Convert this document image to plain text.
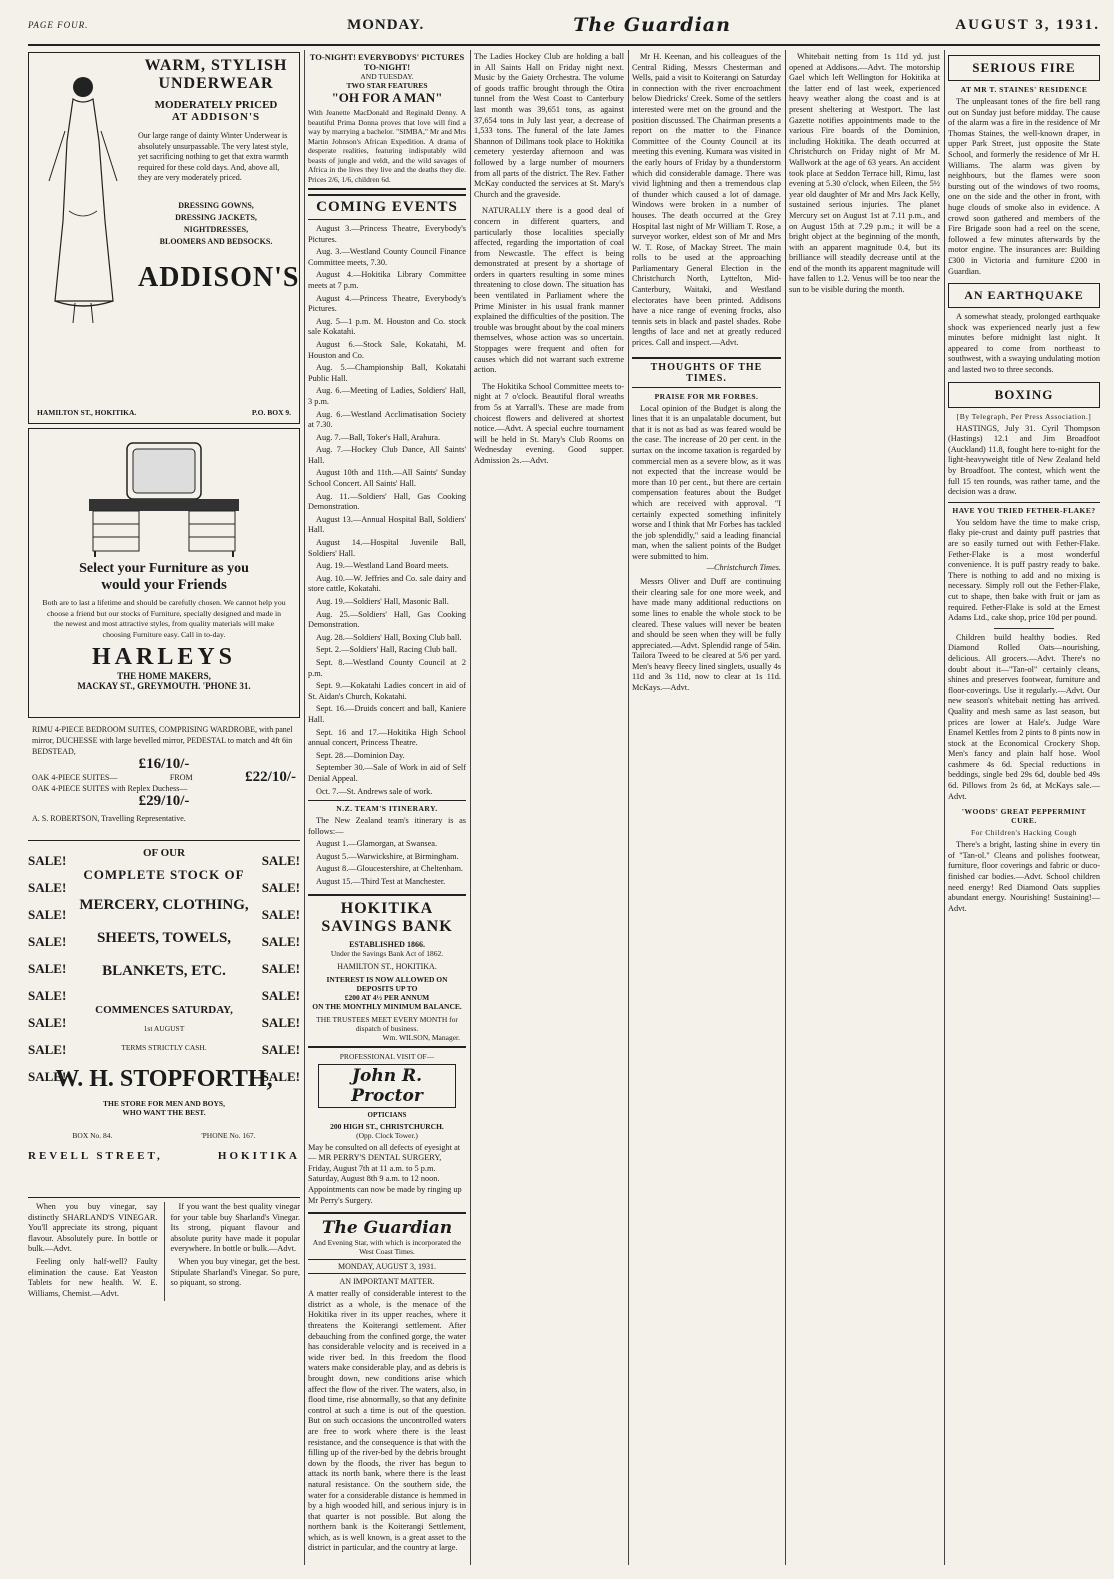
PAGE FOUR.	MONDAY.	The Guardian	AUGUST 3, 1931.
WARM, STYLISH
UNDERWEAR
MODERATELY PRICED
AT ADDISON'S
Our large range of dainty Winter Underwear is absolutely unsurpassable. The very latest style, yet sacrificing nothing to get that extra warmth required for these cold days. And, above all, they are very moderately priced.
DRESSING GOWNS,
DRESSING JACKETS,
NIGHTDRESSES,
BLOOMERS AND BEDSOCKS.
ADDISON'S
HAMILTON ST., HOKITIKA.	P.O. BOX 9.
Select your Furniture as you
would your Friends
Both are to last a lifetime and should be carefully chosen. We cannot help you choose a friend but our stocks of Furniture, specially designed and made in the newest and most attractive styles, from quality materials will make choosing Furniture easy. Call in to-day.
HARLEYS
THE HOME MAKERS,
MACKAY ST., GREYMOUTH. 'PHONE 31.
RIMU 4-PIECE BEDROOM SUITES, COMPRISING WARDROBE, with panel mirror, DUCHESSE with large bevelled mirror, PEDESTAL to match and 4ft 6in BEDSTEAD,
£16/10/-
OAK 4-PIECE SUITES—	FROM	£22/10/-
OAK 4-PIECE SUITES with Replex Duchess—
£29/10/-
A. S. ROBERTSON, Travelling Representative.
SALE!
SALE!
SALE!
SALE!
SALE!
SALE!
SALE!
SALE!
SALE!
SALE!
SALE!
SALE!
SALE!
SALE!
SALE!
SALE!
SALE!
SALE!
OF OUR
COMPLETE STOCK OF
MERCERY, CLOTHING,
SHEETS, TOWELS,
BLANKETS, ETC.
COMMENCES SATURDAY,
1st AUGUST
TERMS STRICTLY CASH.
W. H. STOPFORTH,
THE STORE FOR MEN AND BOYS,
WHO WANT THE BEST.
BOX No. 84.	'PHONE No. 167.
REVELL STREET,	HOKITIKA

When you buy vinegar, say distinctly SHARLAND'S VINEGAR. You'll appreciate its strong, piquant flavour. Absolutely pure. In bottle or bulk.—Advt.

Feeling only half-well? Faulty elimination the cause. Eat Yeaston Tablets for new health. W. E. Williams, Chemist.—Advt.

If you want the best quality vinegar for your table buy Sharland's Vinegar. Its strong, piquant flavour and absolute purity have made it popular everywhere. In bottle or bulk.—Advt.

When you buy vinegar, get the best. Stipulate Sharland's Vinegar. So pure, so piquant, so strong.

TO-NIGHT! EVERYBODYS' PICTURES TO-NIGHT!
AND TUESDAY.
TWO STAR FEATURES
"OH FOR A MAN"
With Jeanette MacDonald and Reginald Denny. A beautiful Prima Donna proves that love will find a way by marrying a bachelor. "SIMBA," Mr and Mrs Martin Johnson's African Expedition. A drama of desperate realities, featuring indisputably wild beasts of jungle and veldt, and the wild savages of Africa in the lives they live and the deaths they die. Prices 2/6, 1/6, children 6d.
COMING EVENTS

August 3.—Princess Theatre, Everybody's Pictures.

Aug. 3.—Westland County Council Finance Committee meets, 7.30.

August 4.—Hokitika Library Committee meets at 7 p.m.

August 4.—Princess Theatre, Everybody's Pictures.

Aug. 5—1 p.m. M. Houston and Co. stock sale Kokatahi.

August 6.—Stock Sale, Kokatahi, M. Houston and Co.

Aug. 5.—Championship Ball, Kokatahi Public Hall.

Aug. 6.—Meeting of Ladies, Soldiers' Hall, 3 p.m.

Aug. 6.—Westland Acclimatisation Society at 7.30.

Aug. 7.—Ball, Toker's Hall, Arahura.

Aug. 7.—Hockey Club Dance, All Saints' Hall.

August 10th and 11th.—All Saints' Sunday School Concert. All Saints' Hall.

Aug. 11.—Soldiers' Hall, Gas Cooking Demonstration.

August 13.—Annual Hospital Ball, Soldiers' Hall.

August 14.—Hospital Juvenile Ball, Soldiers' Hall.

Aug. 19.—Westland Land Board meets.

Aug. 10.—W. Jeffries and Co. sale dairy and store cattle, Kokatahi.

Aug. 19.—Soldiers' Hall, Masonic Ball.

Aug. 25.—Soldiers' Hall, Gas Cooking Demonstration.

Aug. 28.—Soldiers' Hall, Boxing Club ball.

Sept. 2.—Soldiers' Hall, Racing Club ball.

Sept. 8.—Westland County Council at 2 p.m.

Sept. 9.—Kokatahi Ladies concert in aid of St. Aidan's Church, Kokatahi.

Sept. 16.—Druids concert and ball, Kaniere Hall.

Sept. 16 and 17.—Hokitika High School annual concert, Princess Theatre.

Sept. 28.—Dominion Day.

September 30.—Sale of Work in aid of Self Denial Appeal.

Oct. 7.—St. Andrews sale of work.

N.Z. TEAM'S ITINERARY.

The New Zealand team's itinerary is as follows:—

August 1.—Glamorgan, at Swansea.

August 5.—Warwickshire, at Birmingham.

August 8.—Gloucestershire, at Cheltenham.

August 15.—Third Test at Manchester.

HOKITIKA
SAVINGS BANK
ESTABLISHED 1866.
Under the Savings Bank Act of 1862.
HAMILTON ST., HOKITIKA.
INTEREST IS NOW ALLOWED ON DEPOSITS UP TO
£200 AT 4½ PER ANNUM
ON THE MONTHLY MINIMUM BALANCE.
THE TRUSTEES MEET EVERY MONTH for dispatch of business.
Wm. WILSON, Manager.
PROFESSIONAL VISIT OF—
John R. Proctor
OPTICIANS
200 HIGH ST., CHRISTCHURCH.
(Opp. Clock Tower.)
May be consulted on all defects of eyesight at— MR PERRY'S DENTAL SURGERY, Friday, August 7th at 11 a.m. to 5 p.m. Saturday, August 8th 9 a.m. to 12 noon. Appointments can now be made by ringing up Mr Perry's Surgery.
The Guardian
And Evening Star, with which is incorporated the West Coast Times.
MONDAY, AUGUST 3, 1931.
AN IMPORTANT MATTER.
A matter really of considerable interest to the district as a whole, is the menace of the Hokitika river in its upper reaches, where it threatens the Koiterangi settlement. After debauching from the confined gorge, the water has considerable velocity and is received in a wide river bed. In this freedom the flood waters make considerable play, and as debris is brought down, new conditions arise which affect the flow of the river. The waters, also, in flood time, rise abnormally, so that any definite control at such a time is out of the question. But on such occasions the uncontrolled waters are free to work where there is the least resistance, and the consequence is that with the filling up of the river-bed by the debris brought down by the floods, the river has begun to attack its north bank, where there is the least natural resistance. On the southern side, the water for a considerable distance is hemmed in by a high wooded hill, and serious injury is in that quarter is not possible. But along the northern bank is the Koiterangi Settlement, which, as is well known, is a great asset to the district in particular, and the country at large.
The Ladies Hockey Club are holding a ball in All Saints Hall on Friday night next. Music by the Gaiety Orchestra. The volume of goods traffic brought through the Otira tunnel from the West Coast to Canterbury last month was 39,651 tons, as against 37,654 tons in July last year, a decrease of 1,533 tons. The funeral of the late James Shannon of Dillmans took place to Hokitika cemetery yesterday afternoon and was followed by a large number of mourners from all parts of the district. The Rev. Father McKay conducted the services at St. Mary's Church and the graveside.
NATURALLY there is a good deal of concern in different quarters, and particularly those localities specially affected, regarding the importation of coal from Newcastle. The effect is being demonstrated at present by a shortage of orders in quarters resulting in some mines threatening to close down. The situation has been ventilated in Parliament where the Prime Minister in his usual frank manner explained the difficulties of the position. The trouble was brought about by the coal miners themselves, whose action was so uncertain. Stoppages were frequent and often for causes which did not warrant such extreme action.
The Hokitika School Committee meets to-night at 7 o'clock. Beautiful floral wreaths from 5s at Yarrall's. These are made from choicest flowers and delivered at shortest notice.—Advt. A special euchre tournament will be held in St. Mary's Club Rooms on Wednesday evening. Good supper. Admission 2s.—Advt.
Mr H. Keenan, and his colleagues of the Central Riding, Messrs Chesterman and Wells, paid a visit to Koiterangi on Saturday in connection with the river encroachment below Diedricks' Creek. Some of the settlers interested were met on the ground and the position discussed. The Chairman presents a report on the matter to the Finance Committee of the County Council at its meeting this evening. Kumara was visited in the early hours of Friday by a thunderstorm which did considerable damage. There was vivid lightning and then a tremendous clap of thunder which caused a lot of damage. Windows were broken in a number of houses. The death occurred at the Grey Hospital last night of Mr William T. Rose, a surveyor worker, eldest son of Mr and Mrs W. T. Rose, of Mackay Street. The main rolls to be used at the approaching Parliamentary General Election in the Christchurch North, Lyttelton, Mid-Canterbury, Waitaki, and Westland electorates have been printed. Addisons have a nice range of evening frocks, also tennis sets in black and pastel shades. Robe lengths of lace and net at greatly reduced prices. Call and inspect.—Advt.
THOUGHTS OF THE TIMES.
PRAISE FOR MR FORBES.
Local opinion of the Budget is along the lines that it is an unpalatable document, but that it is not as bad as was feared would be the case. The increase of 20 per cent. in the surtax on the income taxation is regarded by commercial men as a severe blow, as it was not expected that the increase would be more than 10 per cent., but there are certain compensation features about the Budget which are received with approval. "I certainly expected something infinitely worse and I think that Mr Forbes has tackled the job splendidly," said a leading financial man, when the salient points of the Budget were submitted to him.
—Christchurch Times.
Messrs Oliver and Duff are continuing their clearing sale for one more week, and have made many additional reductions on some lines to enable the whole stock to be cleared. These values will never be beaten and should be seen when they will be fully appreciated.—Advt. Splendid range of 54in. Tailora Tweed to be cleared at 5/6 per yard. Men's heavy fleecy lined singlets, usually 4s 11d and 3s 11d, now to clear at 1s 11d. McKays.—Advt.
Whitebait netting from 1s 11d yd. just opened at Addisons.—Advt. The motorship Gael which left Wellington for Hokitika at the latter end of last week, experienced heavy weather along the coast and is at present sheltering at Westport. The last Gazette notifies appointments made to the various Fire boards of the Dominion, including Hokitika. The death occurred at Christchurch on Friday night of Mr M. Wallwork at the age of 63 years. An accident took place at Seddon Terrace hill, Rimu, last evening at 5.30 o'clock, when Eileen, the 5½ year old daughter of Mr and Mrs Jack Kelly, sustained serious injuries. The planet Mercury set on August 1st at 7.11 p.m., and on August 15th at 7.29 p.m.; it will be a bright object at the beginning of the month, with an apparent magnitude 0.4, but its brilliance will steadily decrease until at the end of the month its apparent magnitude will have fallen to 1.2. Venus will be too near the sun to be visible during the month.
SERIOUS FIRE
AT MR T. STAINES' RESIDENCE
The unpleasant tones of the fire bell rang out on Sunday just before midday. The cause of the alarm was a fire in the residence of Mr Thomas Staines, the well-known draper, in upper Park Street, just opposite the State School, and formerly the residence of Mr H. Williams. The alarm was given by neighbours, but the flames were soon bursting out of the windows of two rooms, one on the side and the other in front, with huge clouds of smoke also in evidence. A crowd soon gathered and members of the Fire Brigade soon had a reel on the scene, followed a few minutes afterwards by the motor engine. The insurances are: Building £300 in Victoria and furniture £200 in Guardian.
AN EARTHQUAKE
A somewhat steady, prolonged earthquake shock was experienced nearly just a few minutes before midnight last night. It appeared to come from northeast to southwest, with a swaying undulating motion and lasted two to three seconds.
BOXING
[By Telegraph, Per Press Association.]
HASTINGS, July 31. Cyril Thompson (Hastings) 12.1 and Jim Broadfoot (Auckland) 11.8, fought here to-night for the light-heavyweight title of New Zealand held by Broadfoot. The contest, which went the full 15 ten rounds, was rather tame, and the decision was a draw.
HAVE YOU TRIED FETHER-FLAKE?
You seldom have the time to make crisp, flaky pie-crust and dainty puff pastries that are so easily turned out with Fether-Flake. Fether-Flake is a most wonderful convenience. It is puff pastry ready to bake. There is nothing to add and no mixing is necessary. Simply roll out the Fether-Flake, cut to shape, then bake with fruit or jam as required. Fether-Flake is sold at the Ernest Adams Ltd., cake shop, price 10d per pound.
Children build healthy bodies. Red Diamond Rolled Oats—nourishing, delicious. All grocers.—Advt. There's no doubt about it—"Tan-ol" certainly cleans, shines and preserves footwear, furniture and floor-coverings. Use it regularly.—Advt. Our new season's whitebait netting has arrived. Quality and mesh same as last season, but prices are lower at Hale's. Judge Ware Enamel Kettles from 2 pints to 8 pints now in stock at the Economical Crockery Shop. Men's fancy and plain half hose. Wool cashmere 4s 6d. Special reductions in beddings, single bed 29s 6d, double bed 49s 6d. Pillows from 2s 6d, at McKays sale.—Advt.
'WOODS' GREAT PEPPERMINT CURE.
For Children's Hacking Cough
There's a bright, lasting shine in every tin of "Tan-ol." Cleans and polishes footwear, furniture, floor coverings and fabric or duco-finished car bodies.—Advt. School children need energy! Red Diamond Oats supplies abundant energy. Nourishing! Sustaining!—Advt.
